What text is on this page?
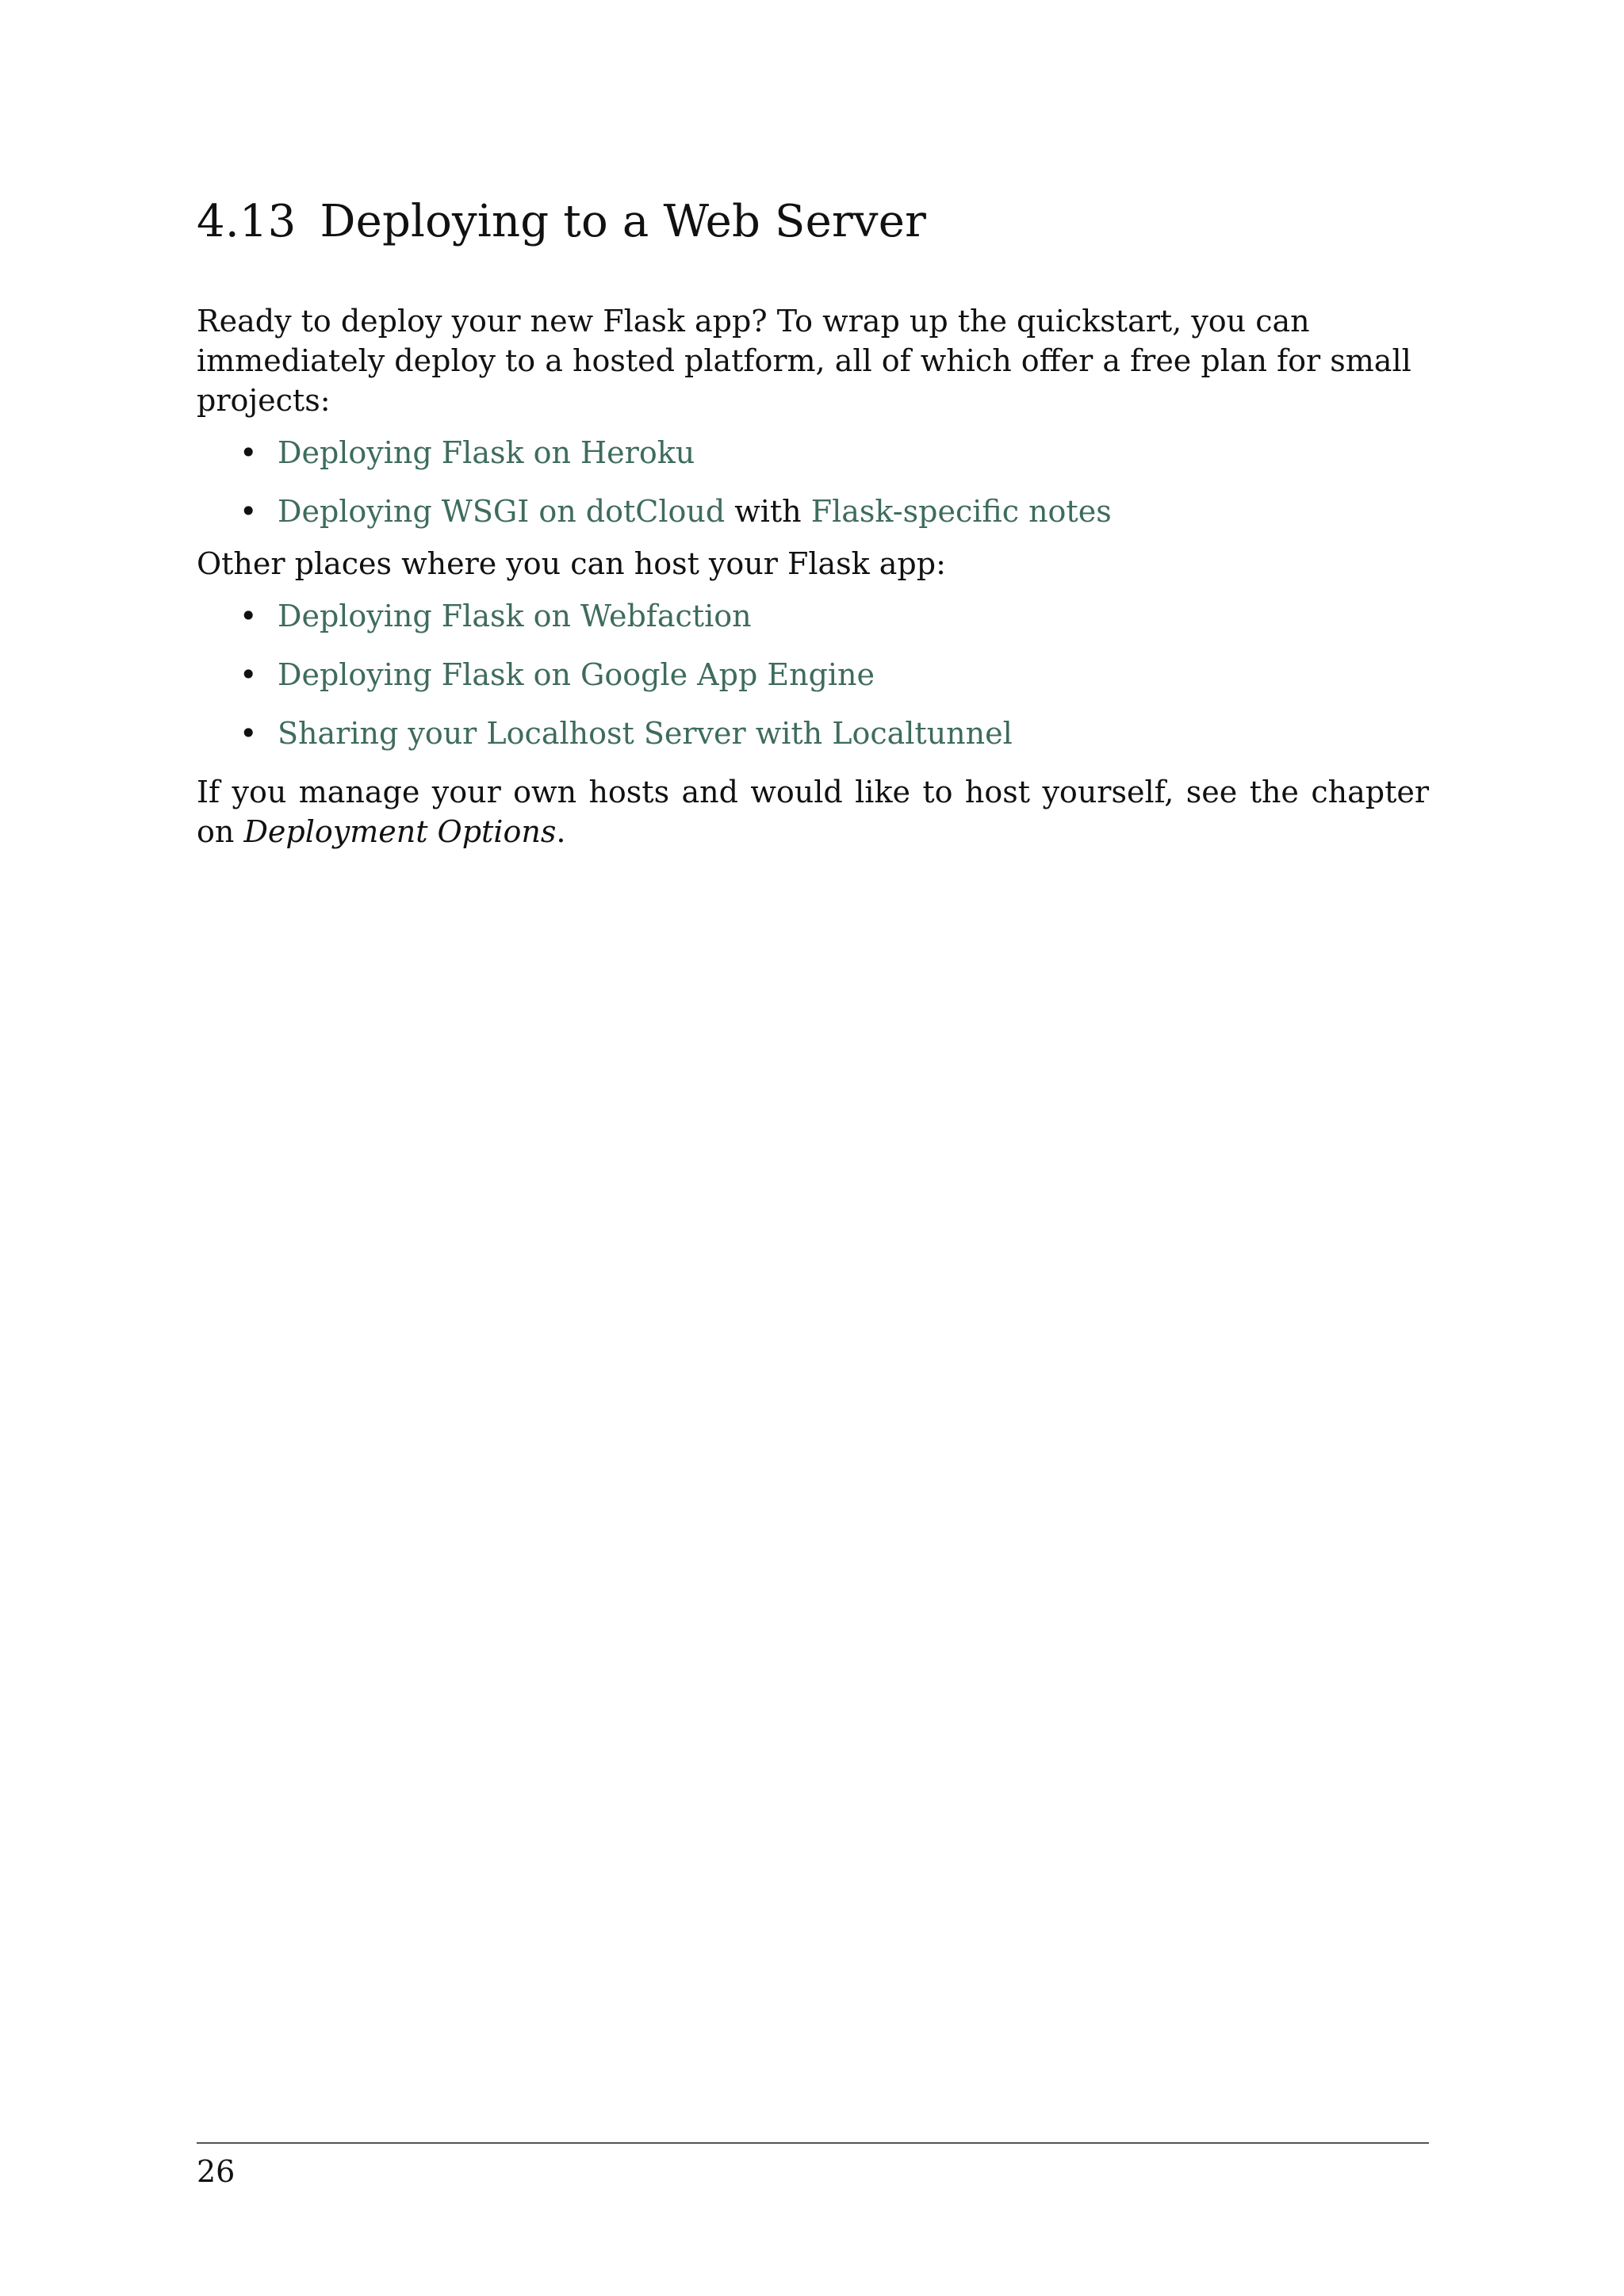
4.13 Deploying to a Web Server

Ready to deploy your new Flask app? To wrap up the quickstart, you can immediately deploy to a hosted platform, all of which offer a free plan for small projects:

• Deploying Flask on Heroku
• Deploying WSGI on dotCloud with Flask-specific notes

Other places where you can host your Flask app:

• Deploying Flask on Webfaction
• Deploying Flask on Google App Engine
• Sharing your Localhost Server with Localtunnel

If you manage your own hosts and would like to host yourself, see the chapter on Deployment Options.

26
